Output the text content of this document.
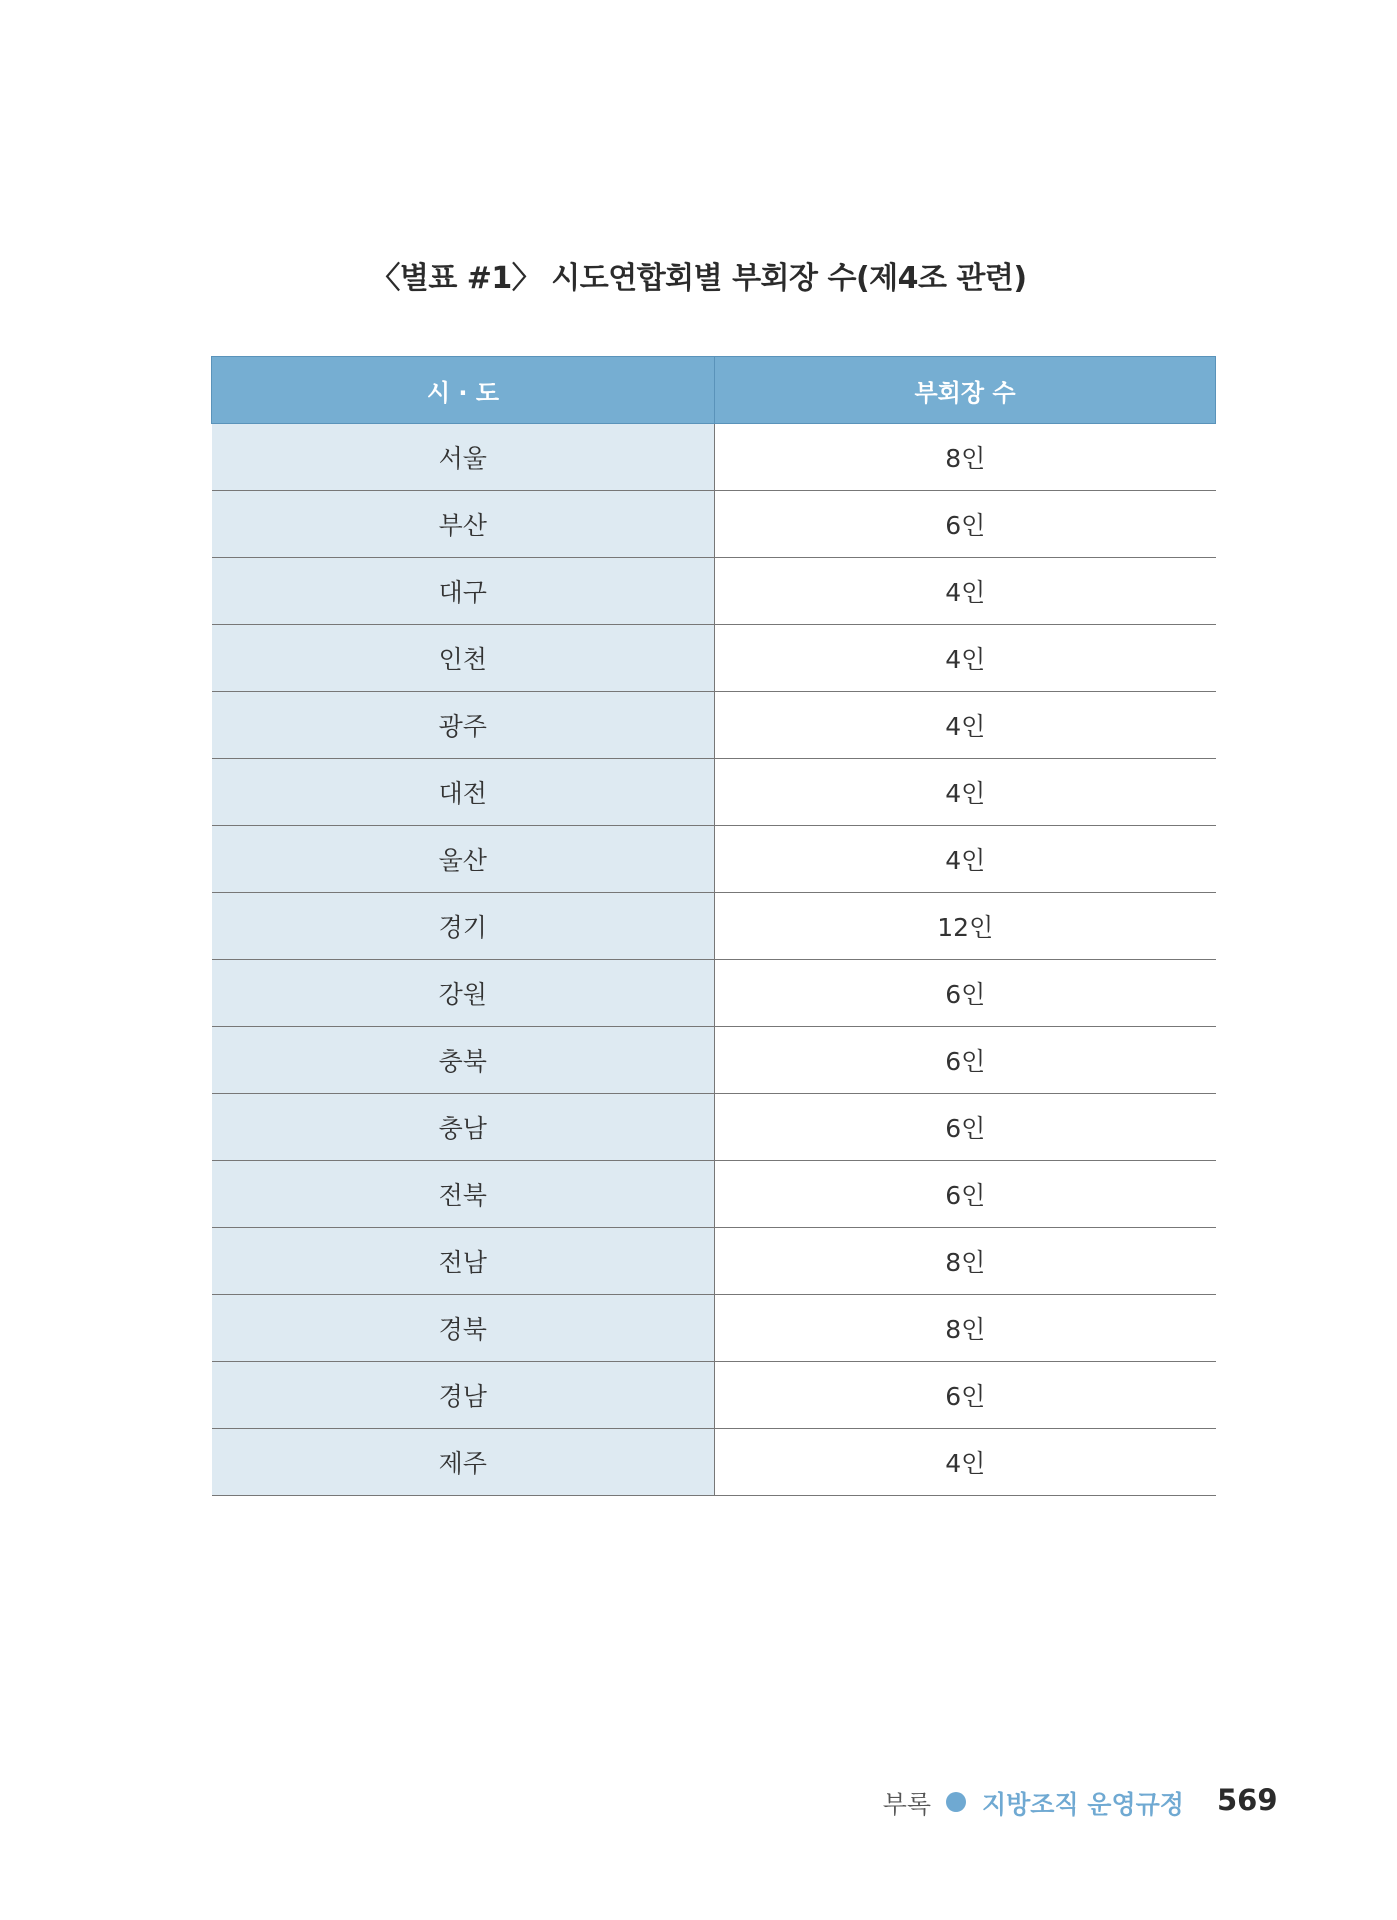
〈별표 #1〉 시도연합회별 부회장 수(제4조 관련)
시 · 도	부회장 수
서울	8인
부산	6인
대구	4인
인천	4인
광주	4인
대전	4인
울산	4인
경기	12인
강원	6인
충북	6인
충남	6인
전북	6인
전남	8인
경북	8인
경남	6인
제주	4인
부록 지방조직 운영규정 569
